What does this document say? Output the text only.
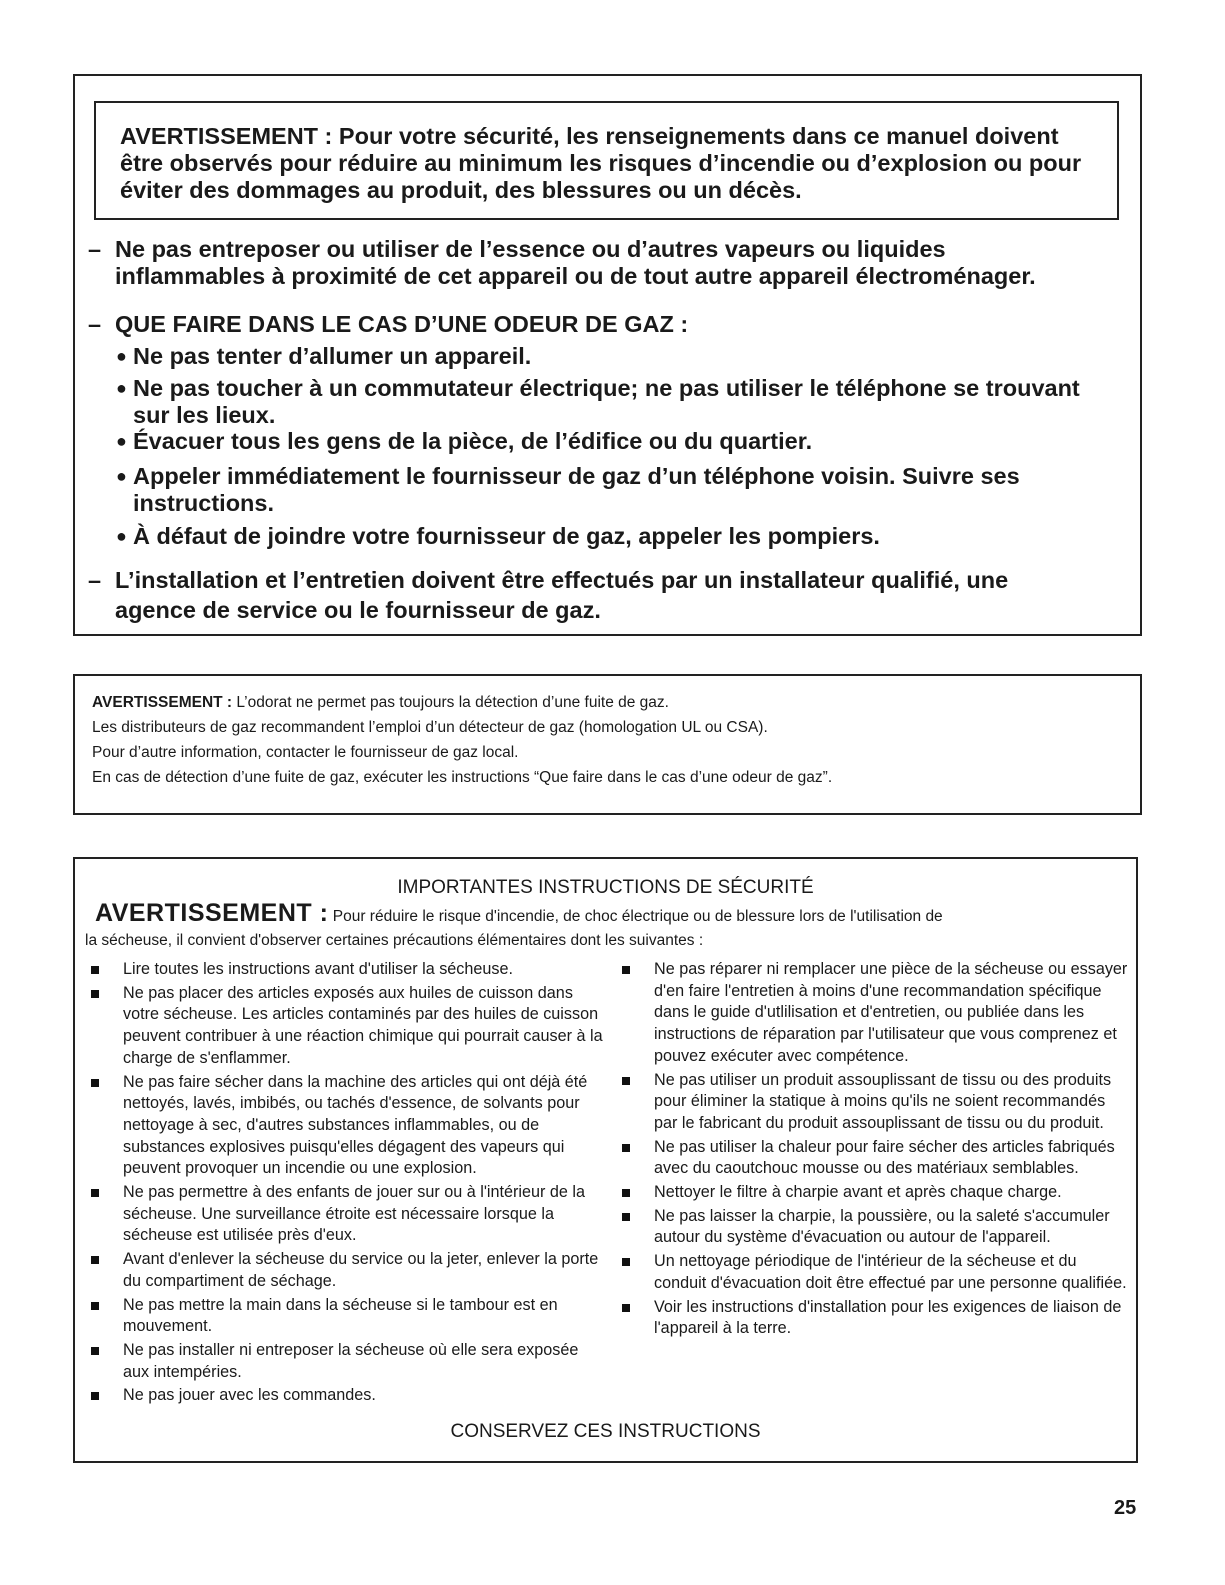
AVERTISSEMENT : Pour votre sécurité, les renseignements dans ce manuel doivent être observés pour réduire au minimum les risques d’incendie ou d’explosion ou pour éviter des dommages au produit, des blessures ou un décès.

– Ne pas entreposer ou utiliser de l’essence ou d’autres vapeurs ou liquides inflammables à proximité de cet appareil ou de tout autre appareil électroménager.

– QUE FAIRE DANS LE CAS D’UNE ODEUR DE GAZ :

● Ne pas tenter d’allumer un appareil.

● Ne pas toucher à un commutateur électrique; ne pas utiliser le téléphone se trouvant sur les lieux.

● Évacuer tous les gens de la pièce, de l’édifice ou du quartier.

● Appeler immédiatement le fournisseur de gaz d’un téléphone voisin. Suivre ses instructions.

● À défaut de joindre votre fournisseur de gaz, appeler les pompiers.

– L’installation et l’entretien doivent être effectués par un installateur qualifié, une agence de service ou le fournisseur de gaz.

AVERTISSEMENT : L’odorat ne permet pas toujours la détection d’une fuite de gaz.

Les distributeurs de gaz recommandent l’emploi d’un détecteur de gaz (homologation UL ou CSA).

Pour d’autre information, contacter le fournisseur de gaz local.

En cas de détection d’une fuite de gaz, exécuter les instructions “Que faire dans le cas d’une odeur de gaz”.

IMPORTANTES INSTRUCTIONS DE SÉCURITÉ

AVERTISSEMENT : Pour réduire le risque d'incendie, de choc électrique ou de blessure lors de l'utilisation de

la sécheuse, il convient d'observer certaines précautions élémentaires dont les suivantes :

Lire toutes les instructions avant d'utiliser la sécheuse.
Ne pas placer des articles exposés aux huiles de cuisson dans votre sécheuse. Les articles contaminés par des huiles de cuisson peuvent contribuer à une réaction chimique qui pourrait causer à la charge de s'enflammer.
Ne pas faire sécher dans la machine des articles qui ont déjà été nettoyés, lavés, imbibés, ou tachés d'essence, de solvants pour nettoyage à sec, d'autres substances inflammables, ou de substances explosives puisqu'elles dégagent des vapeurs qui peuvent provoquer un incendie ou une explosion.
Ne pas permettre à des enfants de jouer sur ou à l'intérieur de la sécheuse. Une surveillance étroite est nécessaire lorsque la sécheuse est utilisée près d'eux.
Avant d'enlever la sécheuse du service ou la jeter, enlever la porte du compartiment de séchage.
Ne pas mettre la main dans la sécheuse si le tambour est en mouvement.
Ne pas installer ni entreposer la sécheuse où elle sera exposée aux intempéries.
Ne pas jouer avec les commandes.
Ne pas réparer ni remplacer une pièce de la sécheuse ou essayer d'en faire l'entretien à moins d'une recommandation spécifique dans le guide d'utlilisation et d'entretien, ou publiée dans les instructions de réparation par l'utilisateur que vous comprenez et pouvez exécuter avec compétence.
Ne pas utiliser un produit assouplissant de tissu ou des produits pour éliminer la statique à moins qu'ils ne soient recommandés par le fabricant du produit assouplissant de tissu ou du produit.
Ne pas utiliser la chaleur pour faire sécher des articles fabriqués avec du caoutchouc mousse ou des matériaux semblables.
Nettoyer le filtre à charpie avant et après chaque charge.
Ne pas laisser la charpie, la poussière, ou la saleté s'accumuler autour du système d'évacuation ou autour de l'appareil.
Un nettoyage périodique de l'intérieur de la sécheuse et du conduit d'évacuation doit être effectué par une personne qualifiée.
Voir les instructions d'installation pour les exigences de liaison de l'appareil à la terre.

CONSERVEZ CES INSTRUCTIONS

25
